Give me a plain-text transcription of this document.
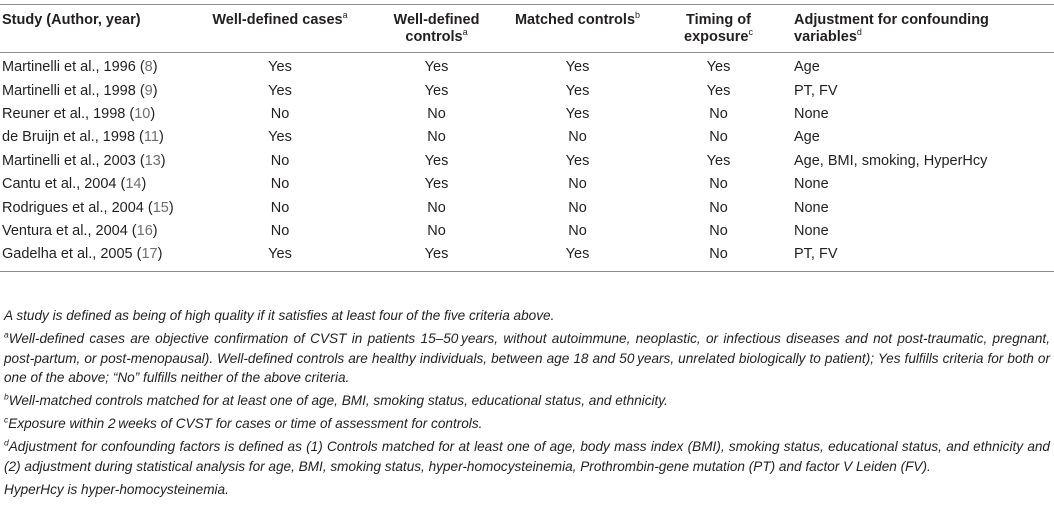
Study (Author, year)	Well-defined cases$^a$	Well-defined controls$^a$	Matched controls$^b$	Timing of exposure$^c$	Adjustment for confounding variables$^d$
Martinelli et al., 1996 (8)	Yes	Yes	Yes	Yes	Age
Martinelli et al., 1998 (9)	Yes	Yes	Yes	Yes	PT, FV
Reuner et al., 1998 (10)	No	No	Yes	No	None
de Bruijn et al., 1998 (11)	Yes	No	No	No	Age
Martinelli et al., 2003 (13)	No	Yes	Yes	Yes	Age, BMI, smoking, HyperHcy
Cantu et al., 2004 (14)	No	Yes	No	No	None
Rodrigues et al., 2004 (15)	No	No	No	No	None
Ventura et al., 2004 (16)	No	No	No	No	None
Gadelha et al., 2005 (17)	Yes	Yes	Yes	No	PT, FV

A study is defined as being of high quality if it satisfies at least four of the five criteria above.

$^a$Well-defined cases are objective confirmation of CVST in patients 15–50 years, without autoimmune, neoplastic, or infectious diseases and not post-traumatic, pregnant, post-partum, or post-menopausal). Well-defined controls are healthy individuals, between age 18 and 50 years, unrelated biologically to patient); Yes fulfills criteria for both or one of the above; “No” fulfills neither of the above criteria.

$^b$Well-matched controls matched for at least one of age, BMI, smoking status, educational status, and ethnicity.

$^c$Exposure within 2 weeks of CVST for cases or time of assessment for controls.

$^d$Adjustment for confounding factors is defined as (1) Controls matched for at least one of age, body mass index (BMI), smoking status, educational status, and ethnicity and (2) adjustment during statistical analysis for age, BMI, smoking status, hyper-homocysteinemia, Prothrombin-gene mutation (PT) and factor V Leiden (FV).

HyperHcy is hyper-homocysteinemia.
